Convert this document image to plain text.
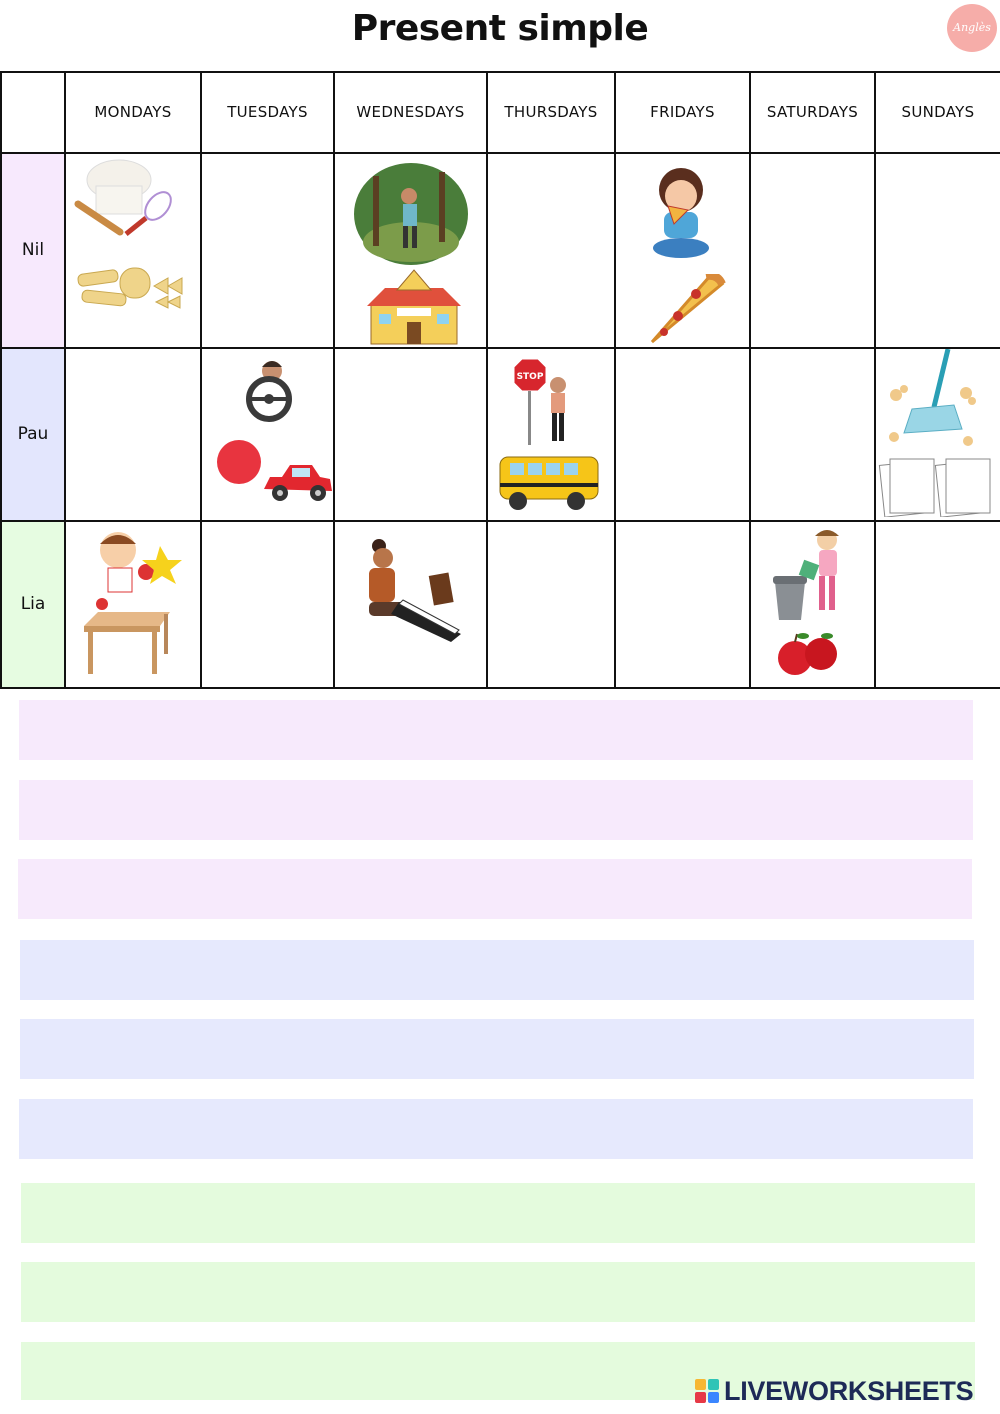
Present simple	Anglès
	MONDAYS	TUESDAYS	WEDNESDAYS	THURSDAYS	FRIDAYS	SATURDAYS	SUNDAYS
Nil	

Pau				STOP

Lia	

LIVEWORKSHEETS
